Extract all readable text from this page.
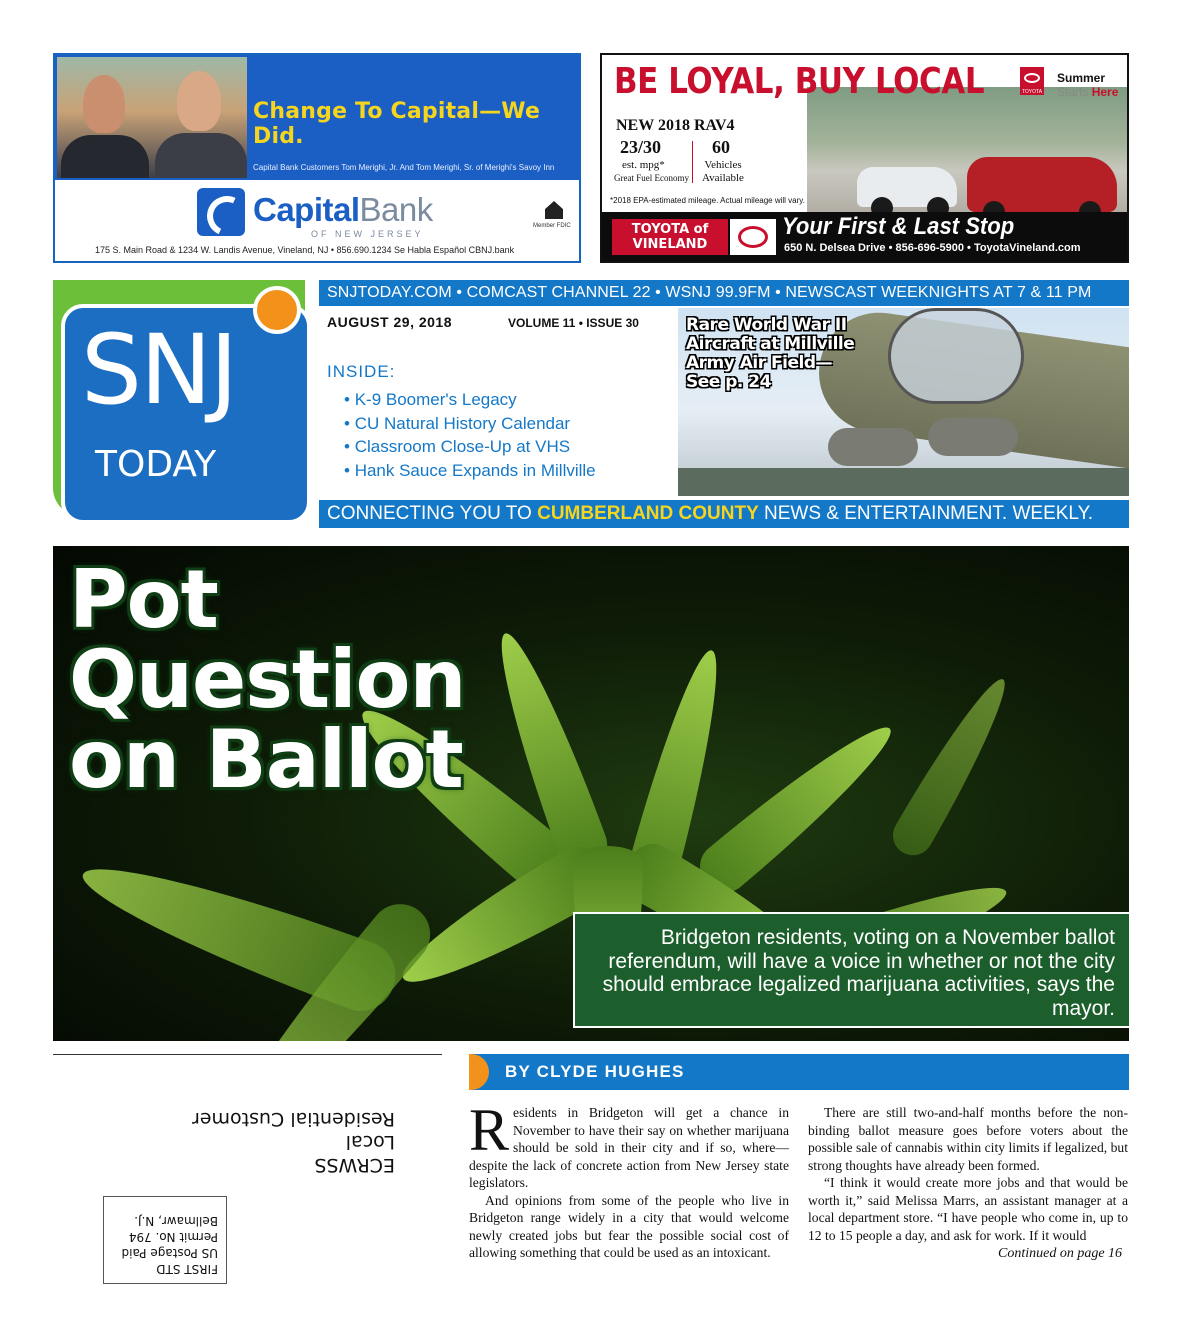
Change To Capital—We Did.
Capital Bank Customers Tom Merighi, Jr. And Tom Merighi, Sr. of Merighi's Savoy Inn
CapitalBank
OF NEW JERSEY
Member FDIC
175 S. Main Road & 1234 W. Landis Avenue, Vineland, NJ • 856.690.1234 Se Habla Español CBNJ.bank
BE LOYAL, BUY LOCAL	TOYOTA
Summer
Starts Here
NEW 2018 RAV4
23/30
est. mpg*
Great Fuel Economy
60
Vehicles
Available
*2018 EPA-estimated mileage. Actual mileage will vary.
TOYOTA of
VINELAND
Your First & Last Stop
650 N. Delsea Drive • 856-696-5900 • ToyotaVineland.com
SNJ
TODAY
SNJTODAY.COM • COMCAST CHANNEL 22 • WSNJ 99.9FM • NEWSCAST WEEKNIGHTS AT 7 & 11 PM
AUGUST 29, 2018	VOLUME 11 • ISSUE 30
INSIDE:
• K-9 Boomer's Legacy
• CU Natural History Calendar
• Classroom Close-Up at VHS
• Hank Sauce Expands in Millville
Rare World War II
Aircraft at Millville
Army Air Field—
See p. 24
CONNECTING YOU TO CUMBERLAND COUNTY NEWS & ENTERTAINMENT. WEEKLY.
Pot
Question
on Ballot
Bridgeton residents, voting on a November ballot referendum, will have a voice in whether or not the city should embrace legalized marijuana activities, says the mayor.
ECRWSS
Local
Residential Customer
FIRST STD
US Postage Paid
Permit No. 794
Bellmawr, N.J.
BY CLYDE HUGHES

Residents in Bridgeton will get a chance in November to have their say on whether marijuana should be sold in their city and if so, where—despite the lack of concrete action from New Jersey state legislators.

And opinions from some of the people who live in Bridgeton range widely in a city that would welcome newly created jobs but fear the possible social cost of allowing something that could be used as an intoxicant.

There are still two-and-half months before the non-binding ballot measure goes before voters about the possible sale of cannabis within city limits if legalized, but strong thoughts have already been formed.

“I think it would create more jobs and that would be worth it,” said Melissa Marrs, an assistant manager at a local department store. “I have people who come in, up to 12 to 15 people a day, and ask for work. If it would

Continued on page 16
